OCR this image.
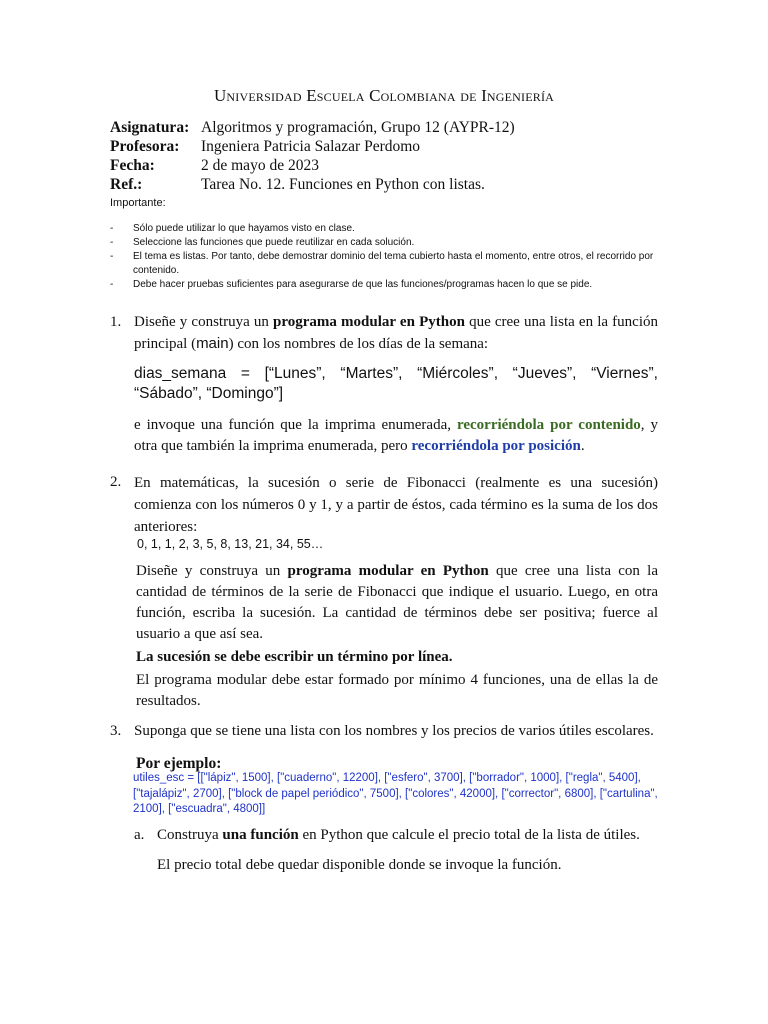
Universidad Escuela Colombiana de Ingeniería
Asignatura: Algoritmos y programación, Grupo 12 (AYPR-12)
Profesora:	Ingeniera Patricia Salazar Perdomo
Fecha:	2 de mayo de 2023
Ref.:	Tarea No. 12. Funciones en Python con listas.
Importante:
-	Sólo puede utilizar lo que hayamos visto en clase.
-	Seleccione las funciones que puede reutilizar en cada solución.
-	El tema es listas. Por tanto, debe demostrar dominio del tema cubierto hasta el momento, entre otros, el recorrido por contenido.
-	Debe hacer pruebas suficientes para asegurarse de que las funciones/programas hacen lo que se pide.
1. Diseñe y construya un programa modular en Python que cree una lista en la función principal (main) con los nombres de los días de la semana:
dias_semana = [“Lunes”, “Martes”, “Miércoles”, “Jueves”, “Viernes”, “Sábado”, “Domingo”]
e invoque una función que la imprima enumerada, recorriéndola por contenido, y otra que también la imprima enumerada, pero recorriéndola por posición.
2. En matemáticas, la sucesión o serie de Fibonacci (realmente es una sucesión) comienza con los números 0 y 1, y a partir de éstos, cada término es la suma de los dos anteriores:
0, 1, 1, 2, 3, 5, 8, 13, 21, 34, 55…
Diseñe y construya un programa modular en Python que cree una lista con la cantidad de términos de la serie de Fibonacci que indique el usuario. Luego, en otra función, escriba la sucesión. La cantidad de términos debe ser positiva; fuerce al usuario a que así sea.
La sucesión se debe escribir un término por línea.
El programa modular debe estar formado por mínimo 4 funciones, una de ellas la de resultados.
3. Suponga que se tiene una lista con los nombres y los precios de varios útiles escolares.
Por ejemplo:
utiles_esc = [["lápiz", 1500], ["cuaderno", 12200], ["esfero", 3700], ["borrador", 1000], ["regla", 5400], ["tajalápiz", 2700], ["block de papel periódico", 7500], ["colores", 42000], ["corrector", 6800], ["cartulina", 2100], ["escuadra", 4800]]
a. Construya una función en Python que calcule el precio total de la lista de útiles.
El precio total debe quedar disponible donde se invoque la función.
